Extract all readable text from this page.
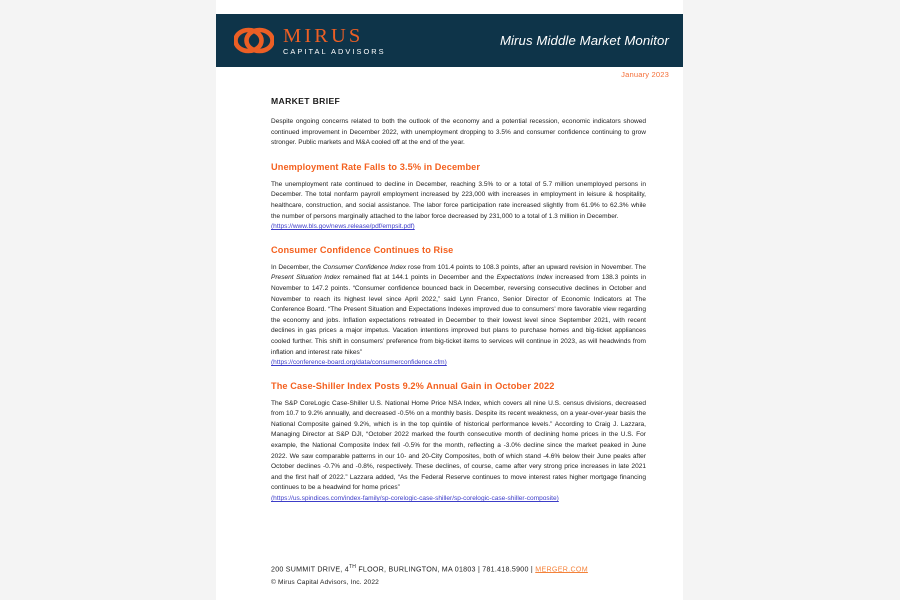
MIRUS
CAPITAL ADVISORS
Mirus Middle Market Monitor
January 2023
MARKET BRIEF

Despite ongoing concerns related to both the outlook of the economy and a potential recession, economic indicators showed continued improvement in December 2022, with unemployment dropping to 3.5% and consumer confidence continuing to grow stronger. Public markets and M&A cooled off at the end of the year.

Unemployment Rate Falls to 3.5% in December

The unemployment rate continued to decline in December, reaching 3.5% to or a total of 5.7 million unemployed persons in December. The total nonfarm payroll employment increased by 223,000 with increases in employment in leisure & hospitality, healthcare, construction, and social assistance. The labor force participation rate increased slightly from 61.9% to 62.3% while the number of persons marginally attached to the labor force decreased by 231,000 to a total of 1.3 million in December.
(https://www.bls.gov/news.release/pdf/empsit.pdf)

Consumer Confidence Continues to Rise

In December, the Consumer Confidence Index rose from 101.4 points to 108.3 points, after an upward revision in November. The Present Situation Index remained flat at 144.1 points in December and the Expectations Index increased from 138.3 points in November to 147.2 points. “Consumer confidence bounced back in December, reversing consecutive declines in October and November to reach its highest level since April 2022,” said Lynn Franco, Senior Director of Economic Indicators at The Conference Board. “The Present Situation and Expectations Indexes improved due to consumers’ more favorable view regarding the economy and jobs. Inflation expectations retreated in December to their lowest level since September 2021, with recent declines in gas prices a major impetus. Vacation intentions improved but plans to purchase homes and big-ticket appliances cooled further. This shift in consumers’ preference from big-ticket items to services will continue in 2023, as will headwinds from inflation and interest rate hikes”
(https://conference-board.org/data/consumerconfidence.cfm)

The Case-Shiller Index Posts 9.2% Annual Gain in October 2022

The S&P CoreLogic Case-Shiller U.S. National Home Price NSA Index, which covers all nine U.S. census divisions, decreased from 10.7 to 9.2% annually, and decreased -0.5% on a monthly basis. Despite its recent weakness, on a year-over-year basis the National Composite gained 9.2%, which is in the top quintile of historical performance levels.” According to Craig J. Lazzara, Managing Director at S&P DJI, “October 2022 marked the fourth consecutive month of declining home prices in the U.S. For example, the National Composite Index fell -0.5% for the month, reflecting a -3.0% decline since the market peaked in June 2022. We saw comparable patterns in our 10- and 20-City Composites, both of which stand -4.6% below their June peaks after October declines -0.7% and -0.8%, respectively. These declines, of course, came after very strong price increases in late 2021 and the first half of 2022.” Lazzara added, “As the Federal Reserve continues to move interest rates higher mortgage financing continues to be a headwind for home prices”
(https://us.spindices.com/index-family/sp-corelogic-case-shiller/sp-corelogic-case-shiller-composite)

200 SUMMIT DRIVE, 4TH FLOOR, BURLINGTON, MA 01803 | 781.418.5900 | MERGER.COM
© Mirus Capital Advisors, Inc. 2022
